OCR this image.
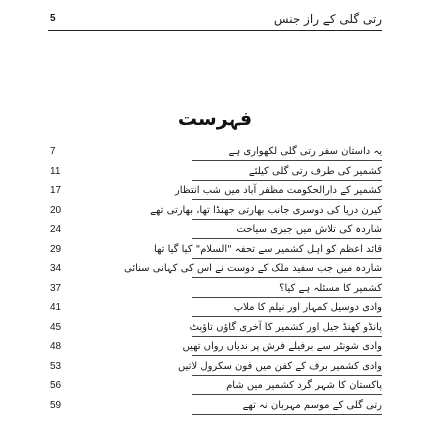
رتی گلی کے راز جنس
5
فہرست
یہ داستان سفر رتی گلی لکھواری ہے
7
کشمیر کی طرف رتی گلی کیلئے
11
کشمیر کے دارالحکومت مظفر آباد میں شب انتظار
17
کیرن دریا کی دوسری جانب بھارتی جھنڈا تھا، بھارتی تھے
20
شاردہ کی تلاش میں جبری سیاحت
24
قائد اعظم کو اہل کشمیر سے تحفہ "السلام" کیا گیا تھا
29
شاردہ میں جب سفید ملک کے دوست نے اس کی کہانی سنائی
34
کشمیر کا مسئلہ ہے کیا؟
37
وادی دوسیل کمہار اور نیلم کا ملاپ
41
پانڈو کھنڈ جیل اور کشمیر کا آخری گاؤں تاؤبٹ
45
وادی شونٹر سے برفیلے فرش پر ندیاں رواں تھیں
48
وادی کشمیر برف کے کفن میں فون سکرول لاتیں
53
پاکستان کا شہر گرد کشمیر میں شام
56
رتی گلی کے موسم مہربان نہ تھے
59
